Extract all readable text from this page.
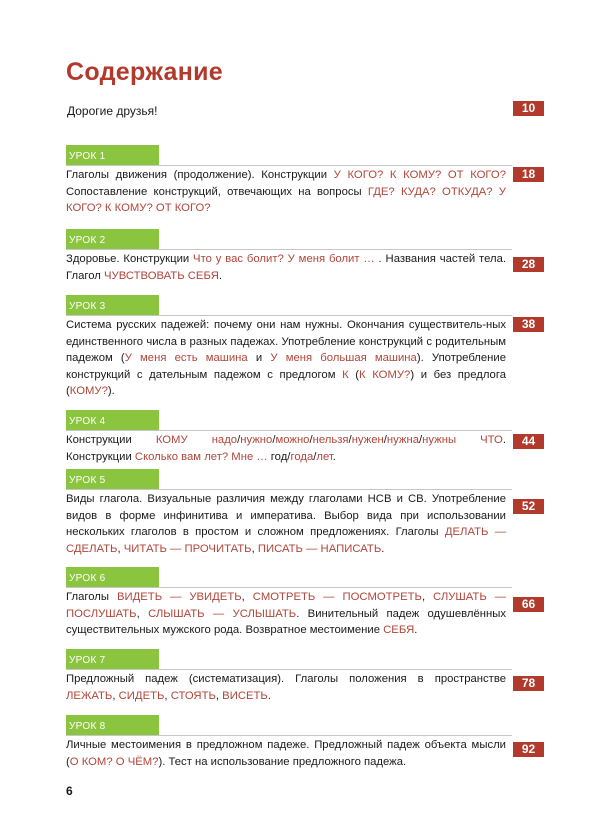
Содержание
Дорогие друзья!	10
УРОК 1
Глаголы движения (продолжение). Конструкции У КОГО? К КОМУ? ОТ КОГО? Сопоставление конструкций, отвечающих на вопросы ГДЕ? КУДА? ОТКУДА? У КОГО? К КОМУ? ОТ КОГО?
18
УРОК 2
Здоровье. Конструкции Что у вас болит? У меня болит … . Названия частей тела. Глагол ЧУВСТВОВАТЬ СЕБЯ.
28
УРОК 3
Система русских падежей: почему они нам нужны. Окончания существитель-ных единственного числа в разных падежах. Употребление конструкций с родительным падежом (У меня есть машина и У меня большая машина). Употребление конструкций с дательным падежом с предлогом К (К КОМУ?) и без предлога (КОМУ?).
38
УРОК 4
Конструкции КОМУ надо/нужно/можно/нельзя/нужен/нужна/нужны ЧТО. Конструкции Сколько вам лет? Мне … год/года/лет.
44
УРОК 5
Виды глагола. Визуальные различия между глаголами НСВ и СВ. Употребление видов в форме инфинитива и императива. Выбор вида при использовании нескольких глаголов в простом и сложном предложениях. Глаголы ДЕЛАТЬ — СДЕЛАТЬ, ЧИТАТЬ — ПРОЧИТАТЬ, ПИСАТЬ — НАПИСАТЬ.
52
УРОК 6
Глаголы ВИДЕТЬ — УВИДЕТЬ, СМОТРЕТЬ — ПОСМОТРЕТЬ, СЛУШАТЬ — ПОСЛУШАТЬ, СЛЫШАТЬ — УСЛЫШАТЬ. Винительный падеж одушевлённых существительных мужского рода. Возвратное местоимение СЕБЯ.
66
УРОК 7
Предложный падеж (систематизация). Глаголы положения в пространстве ЛЕЖАТЬ, СИДЕТЬ, СТОЯТЬ, ВИСЕТЬ.
78
УРОК 8
Личные местоимения в предложном падеже. Предложный падеж объекта мысли (О КОМ? О ЧЁМ?). Тест на использование предложного падежа.
92
6
